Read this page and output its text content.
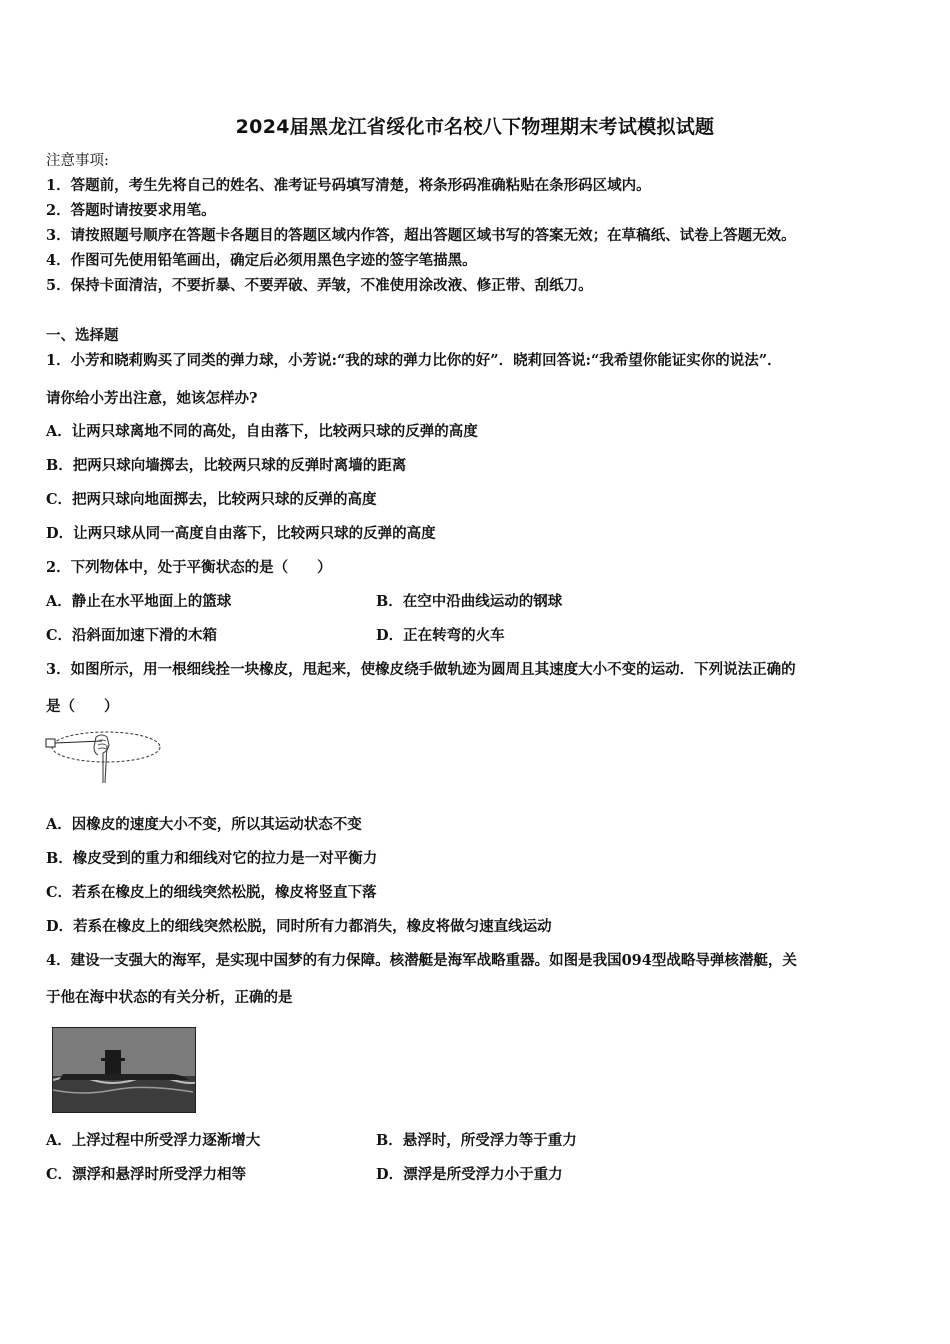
2024届黑龙江省绥化市名校八下物理期末考试模拟试题
注意事项:
1．答题前，考生先将自己的姓名、准考证号码填写清楚，将条形码准确粘贴在条形码区域内。
2．答题时请按要求用笔。
3．请按照题号顺序在答题卡各题目的答题区域内作答，超出答题区域书写的答案无效；在草稿纸、试卷上答题无效。
4．作图可先使用铅笔画出，确定后必须用黑色字迹的签字笔描黑。
5．保持卡面清洁，不要折暴、不要弄破、弄皱，不准使用涂改液、修正带、刮纸刀。
一、选择题
1．小芳和晓莉购买了同类的弹力球，小芳说:“我的球的弹力比你的好”．晓莉回答说:“我希望你能证实你的说法”．
请你给小芳出注意，她该怎样办?
A．让两只球离地不同的高处，自由落下，比较两只球的反弹的高度
B．把两只球向墙掷去，比较两只球的反弹时离墙的距离
C．把两只球向地面掷去，比较两只球的反弹的高度
D．让两只球从同一高度自由落下，比较两只球的反弹的高度
2．下列物体中，处于平衡状态的是（　　）
A．静止在水平地面上的篮球	B．在空中沿曲线运动的钢球
C．沿斜面加速下滑的木箱	D．正在转弯的火车
3．如图所示，用一根细线拴一块橡皮，甩起来，使橡皮绕手做轨迹为圆周且其速度大小不变的运动．下列说法正确的
是（　　）
A．因橡皮的速度大小不变，所以其运动状态不变
B．橡皮受到的重力和细线对它的拉力是一对平衡力
C．若系在橡皮上的细线突然松脱，橡皮将竖直下落
D．若系在橡皮上的细线突然松脱，同时所有力都消失，橡皮将做匀速直线运动
4．建设一支强大的海军，是实现中国梦的有力保障。核潜艇是海军战略重器。如图是我国094型战略导弹核潜艇，关
于他在海中状态的有关分析，正确的是
A．上浮过程中所受浮力逐渐增大	B．悬浮时，所受浮力等于重力
C．漂浮和悬浮时所受浮力相等	D．漂浮是所受浮力小于重力
